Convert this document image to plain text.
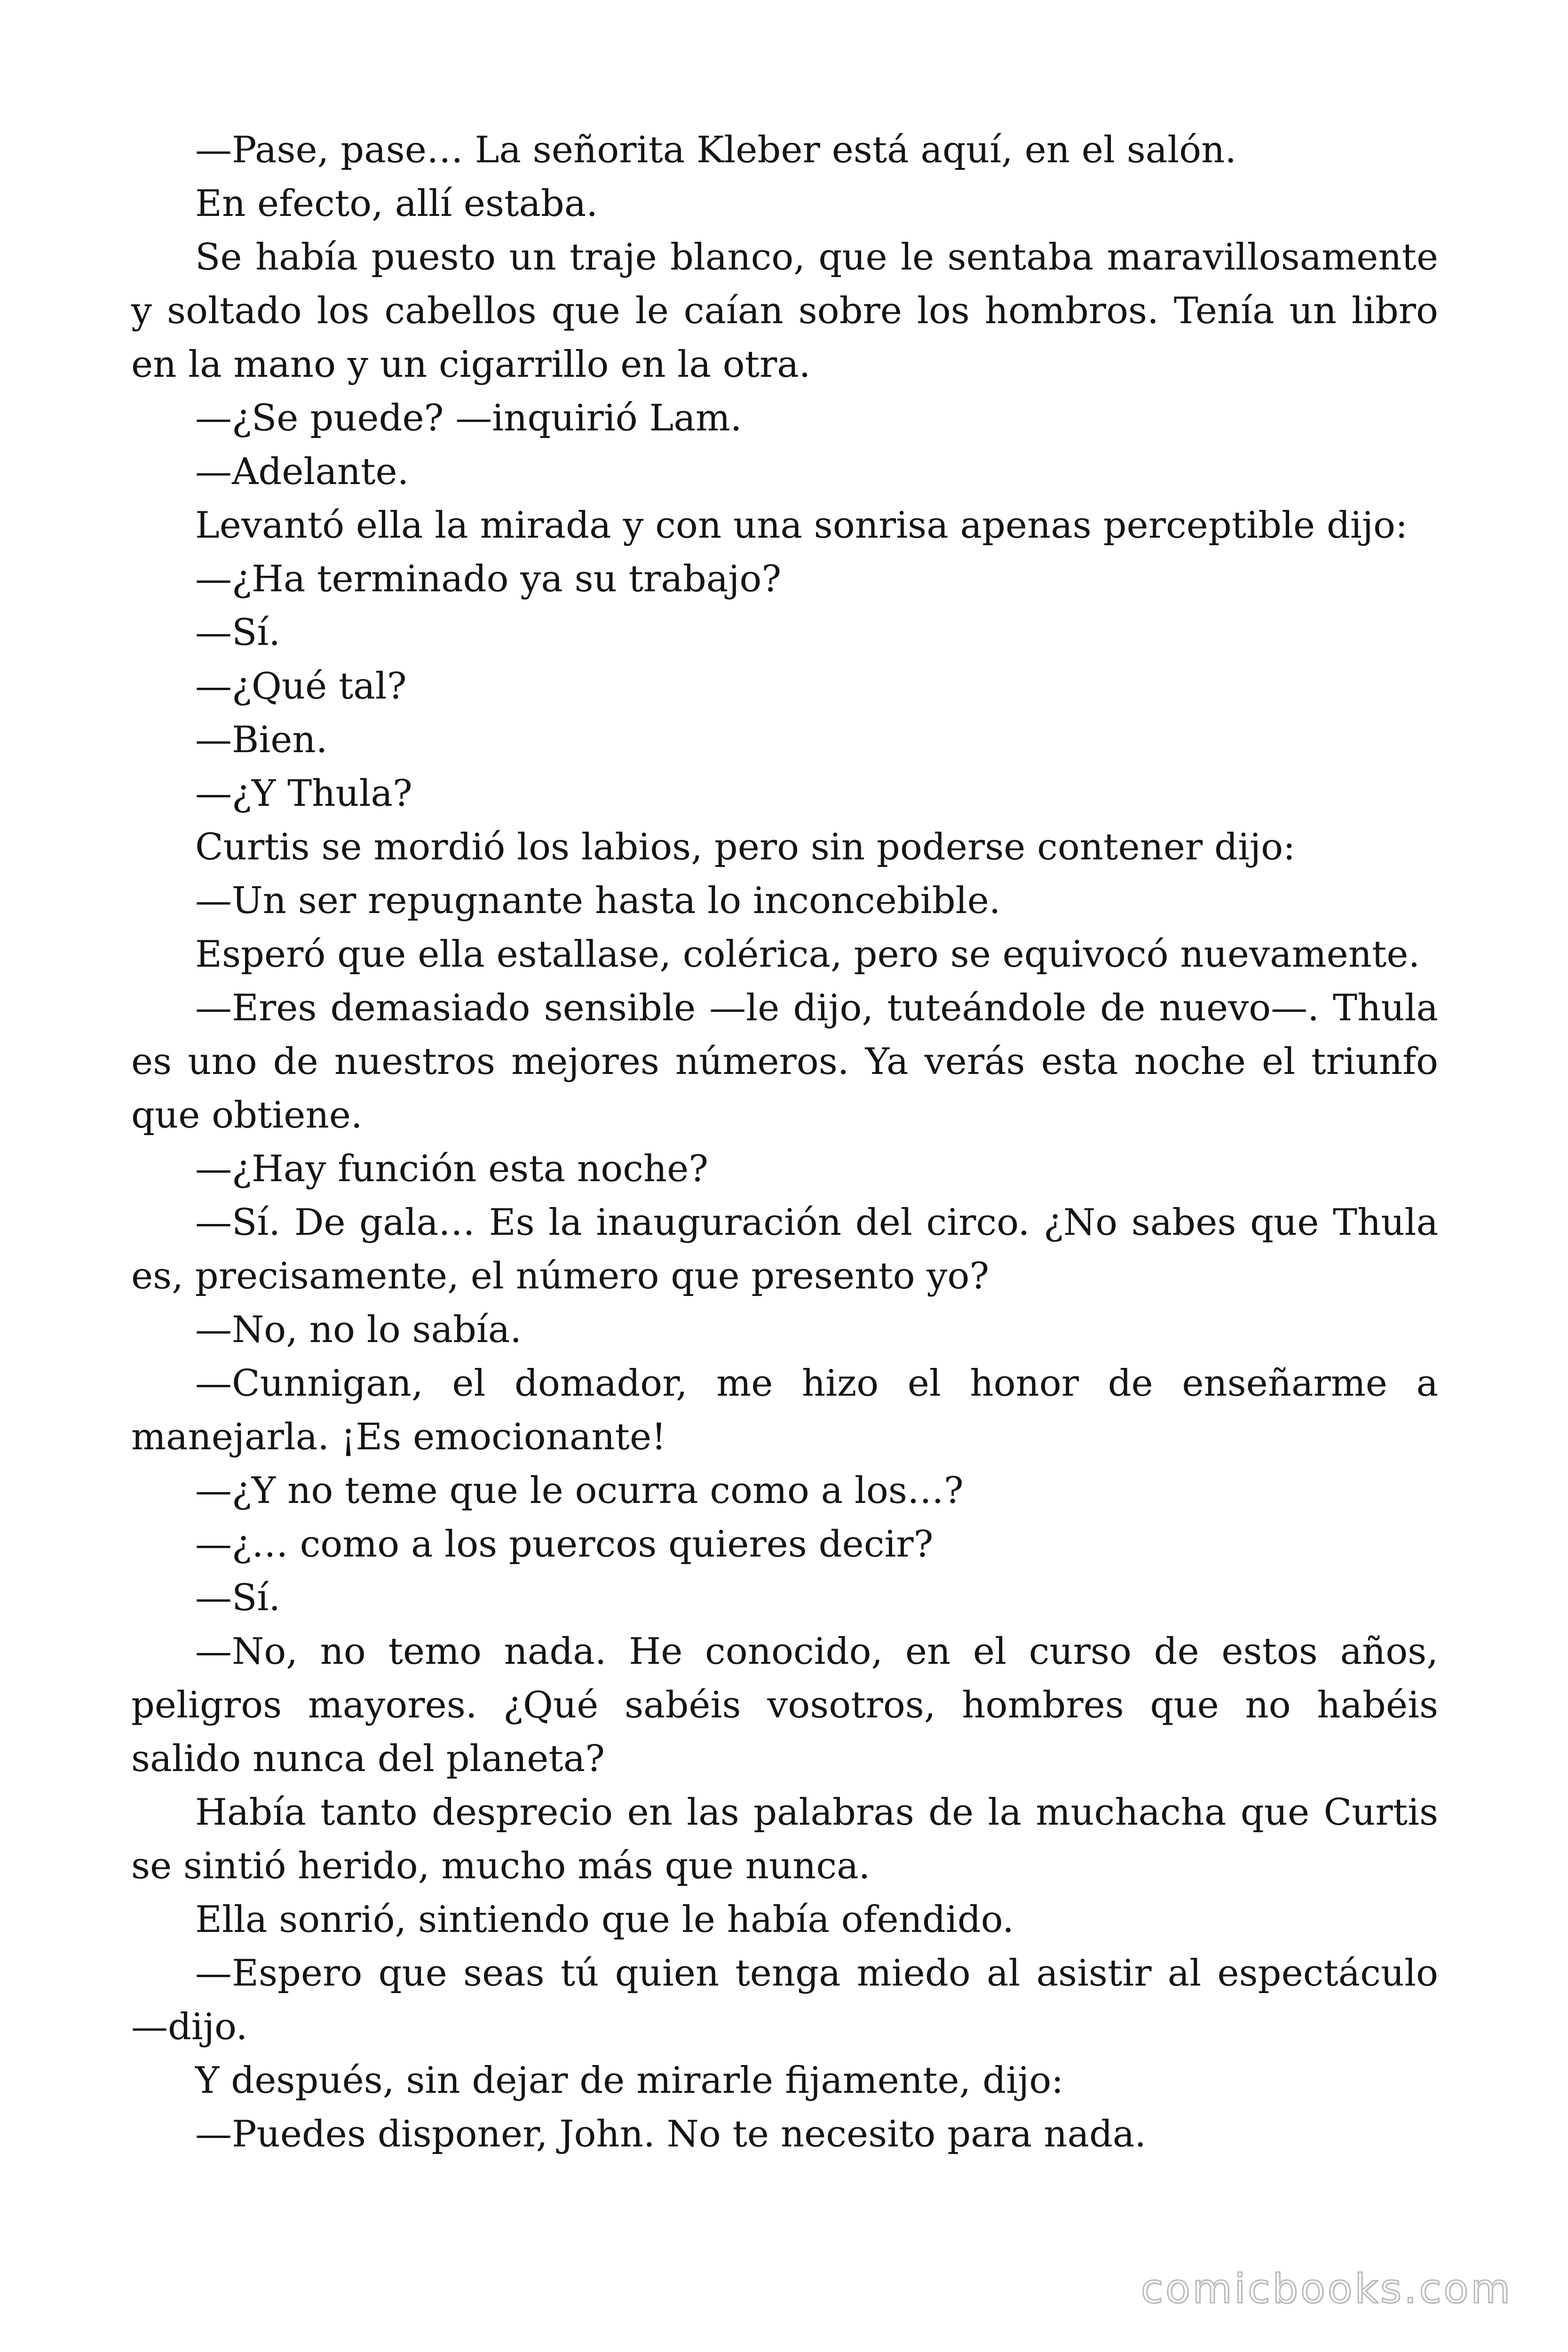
—Pase, pase… La señorita Kleber está aquí, en el salón.

En efecto, allí estaba.

Se había puesto un traje blanco, que le sentaba maravillosamente y soltado los cabellos que le caían sobre los hombros. Tenía un libro en la mano y un cigarrillo en la otra.

—¿Se puede? —inquirió Lam.

—Adelante.

Levantó ella la mirada y con una sonrisa apenas perceptible dijo:

—¿Ha terminado ya su trabajo?

—Sí.

—¿Qué tal?

—Bien.

—¿Y Thula?

Curtis se mordió los labios, pero sin poderse contener dijo:

—Un ser repugnante hasta lo inconcebible.

Esperó que ella estallase, colérica, pero se equivocó nuevamente.

—Eres demasiado sensible —le dijo, tuteándole de nuevo—. Thula es uno de nuestros mejores números. Ya verás esta noche el triunfo que obtiene.

—¿Hay función esta noche?

—Sí. De gala… Es la inauguración del circo. ¿No sabes que Thula es, precisamente, el número que presento yo?

—No, no lo sabía.

—Cunnigan, el domador, me hizo el honor de enseñarme a manejarla. ¡Es emocionante!

—¿Y no teme que le ocurra como a los…?

—¿… como a los puercos quieres decir?

—Sí.

—No, no temo nada. He conocido, en el curso de estos años, peligros mayores. ¿Qué sabéis vosotros, hombres que no habéis salido nunca del planeta?

Había tanto desprecio en las palabras de la muchacha que Curtis se sintió herido, mucho más que nunca.

Ella sonrió, sintiendo que le había ofendido.

—Espero que seas tú quien tenga miedo al asistir al espectáculo —dijo.

Y después, sin dejar de mirarle fijamente, dijo:

—Puedes disponer, John. No te necesito para nada.

comicbooks.com
